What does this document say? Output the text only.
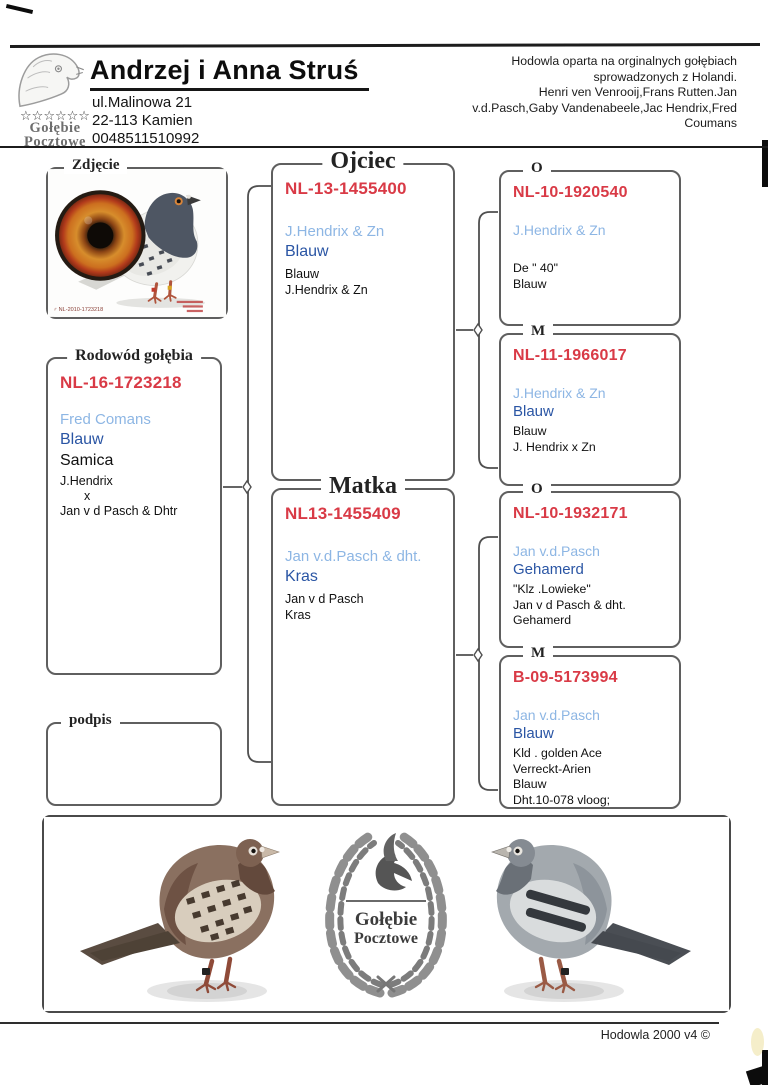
☆☆☆☆☆☆
Gołębie
Pocztowe
Andrzej i Anna Struś
ul.Malinowa 21
22-113 Kamien
0048511510992
Hodowla oparta na orginalnych gołębiach
sprowadzonych z Holandi.
Henri ven Venrooij,Frans Rutten.Jan
v.d.Pasch,Gaby Vandenabeele,Jac Hendrix,Fred
Coumans
Zdjęcie
♂ NL-2010-1723218
Rodowód gołębia
NL-16-1723218
Fred Comans
Blauw
Samica
J.Hendrix
x
Jan v d Pasch & Dhtr
podpis
Ojciec
NL-13-1455400
J.Hendrix & Zn
Blauw
Blauw
J.Hendrix & Zn
Matka
NL13-1455409
Jan v.d.Pasch & dht.
Kras
Jan v d Pasch
Kras
O
NL-10-1920540
J.Hendrix & Zn
De " 40"
Blauw
M
NL-11-1966017
J.Hendrix & Zn
Blauw
Blauw
J. Hendrix x Zn
O
NL-10-1932171
Jan v.d.Pasch
Gehamerd
"Klz .Lowieke"
Jan v d Pasch & dht.
Gehamerd
M
B-09-5173994
Jan v.d.Pasch
Blauw
Kld . golden Ace
Verreckt-Arien
Blauw
Dht.10-078 vloog;
Gołębie
Pocztowe
Hodowla 2000 v4 ©
